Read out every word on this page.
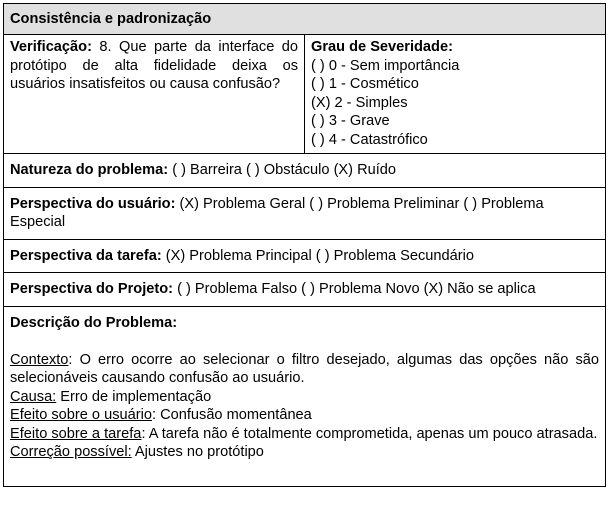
Consistência e padronização
Verificação: 8. Que parte da interface do protótipo de alta fidelidade deixa os usuários insatisfeitos ou causa confusão?	
Grau de Severidade:
( ) 0 - Sem importância
( ) 1 - Cosmético
(X) 2 - Simples
( ) 3 - Grave
( ) 4 - Catastrófico

Natureza do problema: ( ) Barreira ( ) Obstáculo (X) Ruído
Perspectiva do usuário: (X) Problema Geral ( ) Problema Preliminar ( ) Problema Especial
Perspectiva da tarefa: (X) Problema Principal ( ) Problema Secundário
Perspectiva do Projeto: ( ) Problema Falso ( ) Problema Novo (X) Não se aplica

Descrição do Problema:
Contexto: O erro ocorre ao selecionar o filtro desejado, algumas das opções não são selecionáveis causando confusão ao usuário.
Causa: Erro de implementação
Efeito sobre o usuário: Confusão momentânea
Efeito sobre a tarefa: A tarefa não é totalmente comprometida, apenas um pouco atrasada.
Correção possível: Ajustes no protótipo
